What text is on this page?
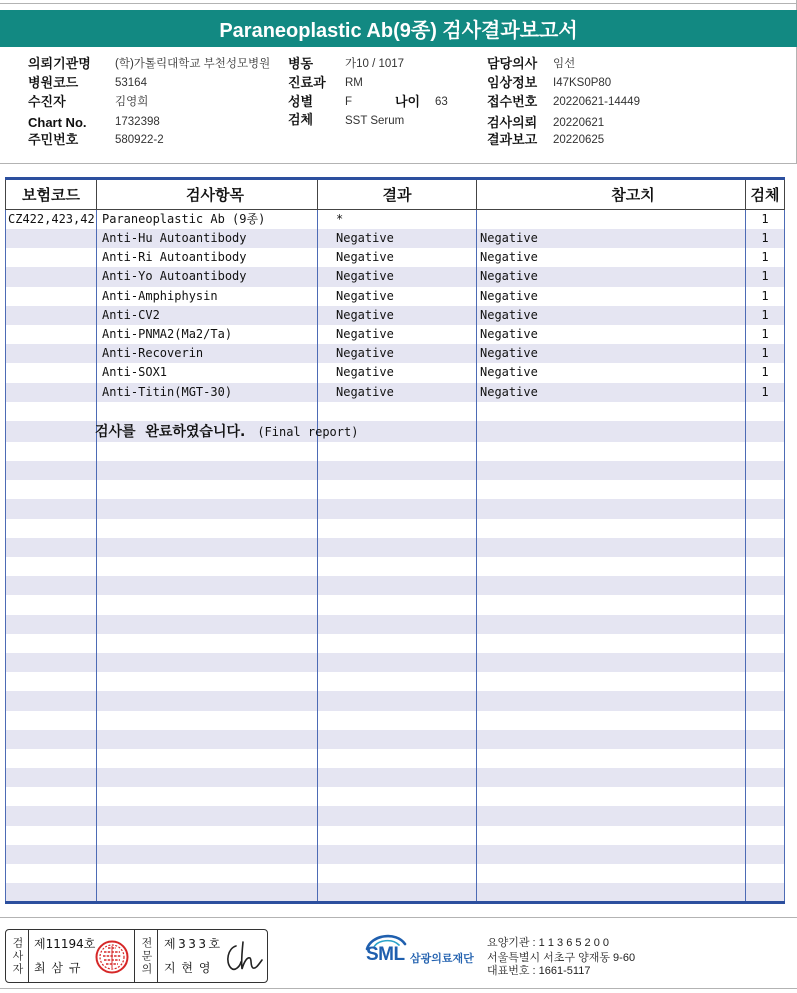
Paraneoplastic Ab(9종) 검사결과보고서
의뢰기관명 (학)가톨릭대학교 부천성모병원 병동	가10 / 1017	담당의사 임선
병원코드	53164	진료과 RM	임상정보 I47KS0P80
수진자	김영희	성별	F	나이 63	접수번호 20220621-14449
Chart No. 1732398	검체	SST Serum	검사의뢰 20220621
주민번호	580922-2	결과보고 20220625
보험코드	검사항목	결과	참고치	검체
CZ422,423,42	Paraneoplastic Ab (9종)	*		1
	Anti-Hu Autoantibody	Negative	Negative	1
	Anti-Ri Autoantibody	Negative	Negative	1
	Anti-Yo Autoantibody	Negative	Negative	1
	Anti-Amphiphysin	Negative	Negative	1
	Anti-CV2	Negative	Negative	1
	Anti-PNMA2(Ma2/Ta)	Negative	Negative	1
	Anti-Recoverin	Negative	Negative	1
	Anti-SOX1	Negative	Negative	1
	Anti-Titin(MGT-30)	Negative	Negative	1

	검사를  완료하였습니다. (Final report)			

검사자 제11194호
최 삼 규	전문의 제333호
지 현 영
SML 삼광의료재단
요양기관 : 1 1 3 6 5 2 0 0
서울특별시 서초구 양재동 9-60
대표번호 : 1661-5117
